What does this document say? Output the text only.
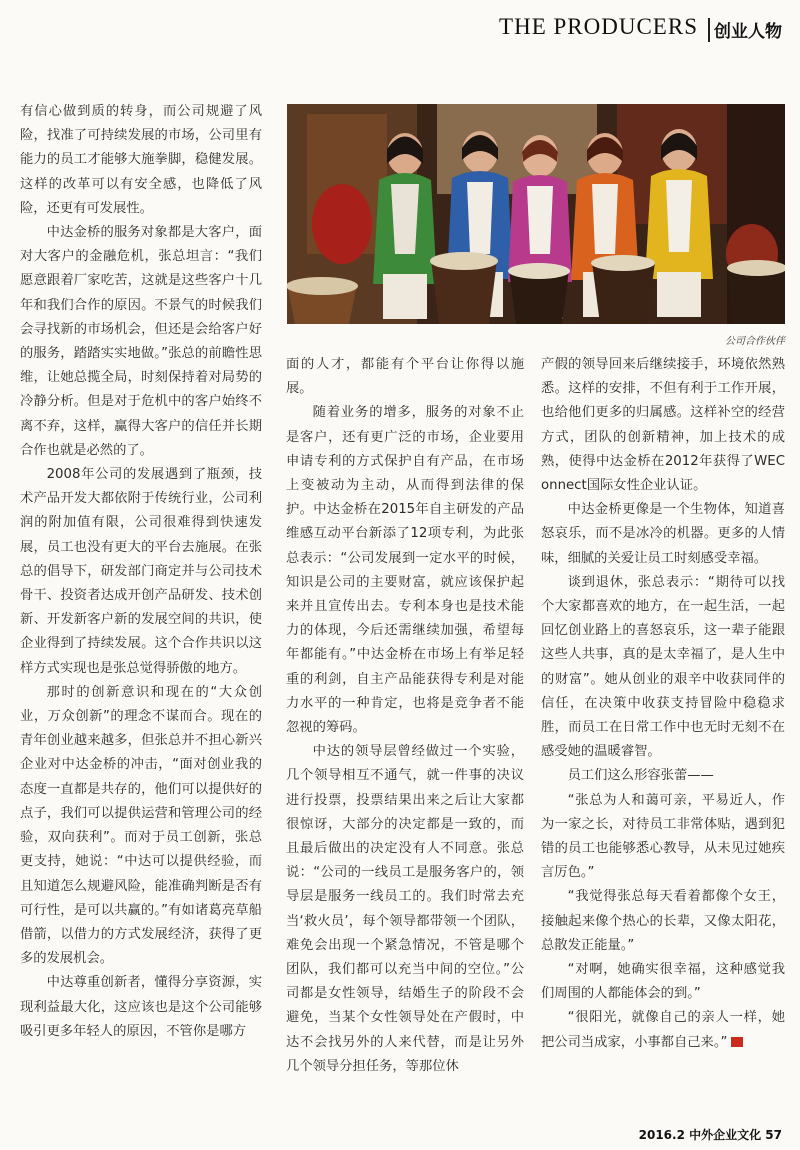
THE PRODUCERS 创业人物
公司合作伙伴

有信心做到质的转身，而公司规避了风险，找准了可持续发展的市场，公司里有能力的员工才能够大施拳脚，稳健发展。这样的改革可以有安全感，也降低了风险，还更有可发展性。

中达金桥的服务对象都是大客户，面对大客户的金融危机，张总坦言：“我们愿意跟着厂家吃苦，这就是这些客户十几年和我们合作的原因。不景气的时候我们会寻找新的市场机会，但还是会给客户好的服务，踏踏实实地做。”张总的前瞻性思维，让她总揽全局，时刻保持着对局势的冷静分析。但是对于危机中的客户始终不离不弃，这样，赢得大客户的信任并长期合作也就是必然的了。

2008年公司的发展遇到了瓶颈，技术产品开发大都依附于传统行业，公司利润的附加值有限，公司很难得到快速发展，员工也没有更大的平台去施展。在张总的倡导下，研发部门商定并与公司技术骨干、投资者达成开创产品研发、技术创新、开发新客户新的发展空间的共识，使企业得到了持续发展。这个合作共识以这样方式实现也是张总觉得骄傲的地方。

那时的创新意识和现在的“大众创业，万众创新”的理念不谋而合。现在的青年创业越来越多，但张总并不担心新兴企业对中达金桥的冲击，“面对创业我的态度一直都是共存的，他们可以提供好的点子，我们可以提供运营和管理公司的经验，双向获利”。而对于员工创新，张总更支持，她说：“中达可以提供经验，而且知道怎么规避风险，能准确判断是否有可行性，是可以共赢的。”有如诸葛亮草船借箭，以借力的方式发展经济，获得了更多的发展机会。

中达尊重创新者，懂得分享资源，实现利益最大化，这应该也是这个公司能够吸引更多年轻人的原因，不管你是哪方

面的人才，都能有个平台让你得以施展。

随着业务的增多，服务的对象不止是客户，还有更广泛的市场，企业要用申请专利的方式保护自有产品，在市场上变被动为主动，从而得到法律的保护。中达金桥在2015年自主研发的产品维感互动平台新添了12项专利，为此张总表示：“公司发展到一定水平的时候，知识是公司的主要财富，就应该保护起来并且宣传出去。专利本身也是技术能力的体现，今后还需继续加强，希望每年都能有。”中达金桥在市场上有举足轻重的利剑，自主产品能获得专利是对能力水平的一种肯定，也将是竞争者不能忽视的筹码。

中达的领导层曾经做过一个实验，几个领导相互不通气，就一件事的决议进行投票，投票结果出来之后让大家都很惊讶，大部分的决定都是一致的，而且最后做出的决定没有人不同意。张总说：“公司的一线员工是服务客户的，领导层是服务一线员工的。我们时常去充当‘救火员’，每个领导都带领一个团队，难免会出现一个紧急情况，不管是哪个团队，我们都可以充当中间的空位。”公司都是女性领导，结婚生子的阶段不会避免，当某个女性领导处在产假时，中达不会找另外的人来代替，而是让另外几个领导分担任务，等那位休

产假的领导回来后继续接手，环境依然熟悉。这样的安排，不但有利于工作开展，也给他们更多的归属感。这样补空的经营方式，团队的创新精神，加上技术的成熟，使得中达金桥在2012年获得了WEConnect国际女性企业认证。

中达金桥更像是一个生物体，知道喜怒哀乐，而不是冰冷的机器。更多的人情味，细腻的关爱让员工时刻感受幸福。

谈到退休，张总表示：“期待可以找个大家都喜欢的地方，在一起生活，一起回忆创业路上的喜怒哀乐，这一辈子能跟这些人共事，真的是太幸福了，是人生中的财富”。她从创业的艰辛中收获同伴的信任，在决策中收获支持冒险中稳稳求胜，而员工在日常工作中也无时无刻不在感受她的温暖睿智。

员工们这么形容张蕾——

“张总为人和蔼可亲，平易近人，作为一家之长，对待员工非常体贴，遇到犯错的员工也能够悉心教导，从未见过她疾言厉色。”

“我觉得张总每天看着都像个女王，接触起来像个热心的长辈，又像太阳花，总散发正能量。”

“对啊，她确实很幸福，这种感觉我们周围的人都能体会的到。”

“很阳光，就像自己的亲人一样，她把公司当成家，小事都自己来。”

2016.2 中外企业文化 57
